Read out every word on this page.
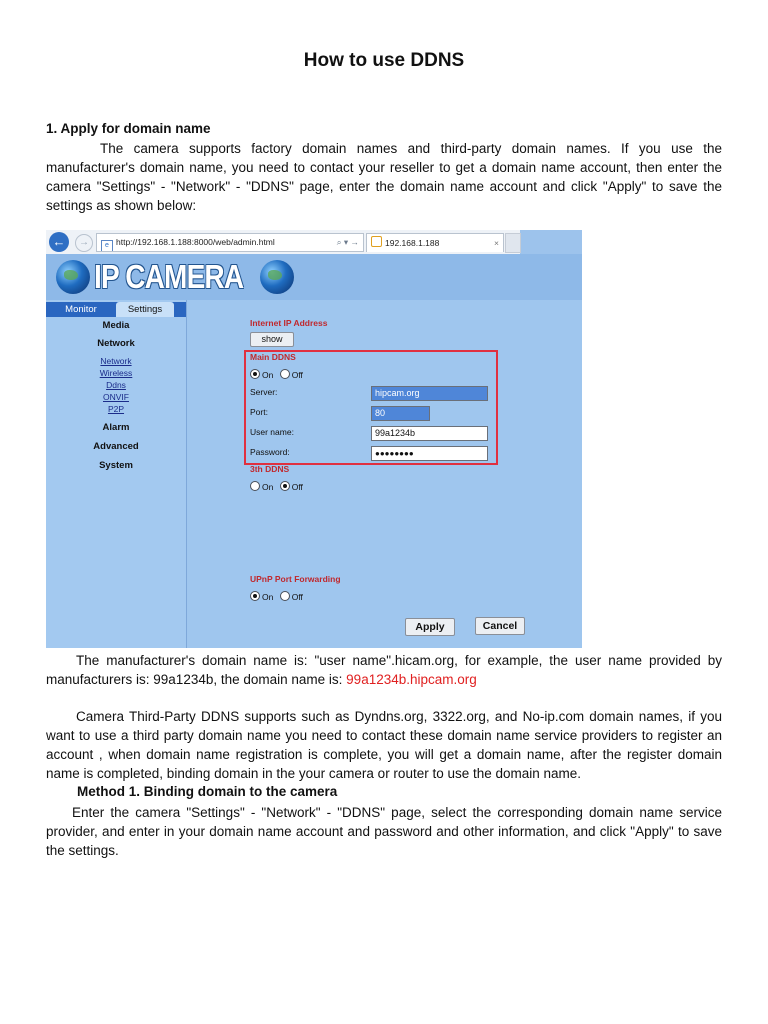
How to use DDNS
1. Apply for domain name

The camera supports factory domain names and third-party domain names. If you use the manufacturer's domain name, you need to contact your reseller to get a domain name account, then enter the camera "Settings" - "Network" - "DDNS" page, enter the domain name account and click "Apply" to save the settings as shown below:

←	→	e http://192.168.1.188:8000/web/admin.html	⌕ ▾ →	192.168.1.188	×
IP CAMERA
Monitor	Settings
Media
Network
Network
Wireless
Ddns
ONVIF
P2P
Alarm
Advanced
System
Internet IP Address
show
Main DDNS
On Off
Server:	hipcam.org
Port:	80
User name:	99a1234b
Password:	●●●●●●●●
3th DDNS
On Off
UPnP Port Forwarding
On Off
Apply	Cancel

The manufacturer's domain name is: "user name".hicam.org, for example, the user name provided by manufacturers is: 99a1234b, the domain name is: 99a1234b.hipcam.org

Camera Third-Party DDNS supports such as Dyndns.org, 3322.org, and No-ip.com domain names, if you want to use a third party domain name you need to contact these domain name service providers to register an account , when domain name registration is complete, you will get a domain name, after the register domain name is completed, binding domain in the your camera or router to use the domain name.

Method 1. Binding domain to the camera

Enter the camera "Settings" - "Network" - "DDNS" page, select the corresponding domain name service provider, and enter in your domain name account and password and other information, and click "Apply" to save the settings.
